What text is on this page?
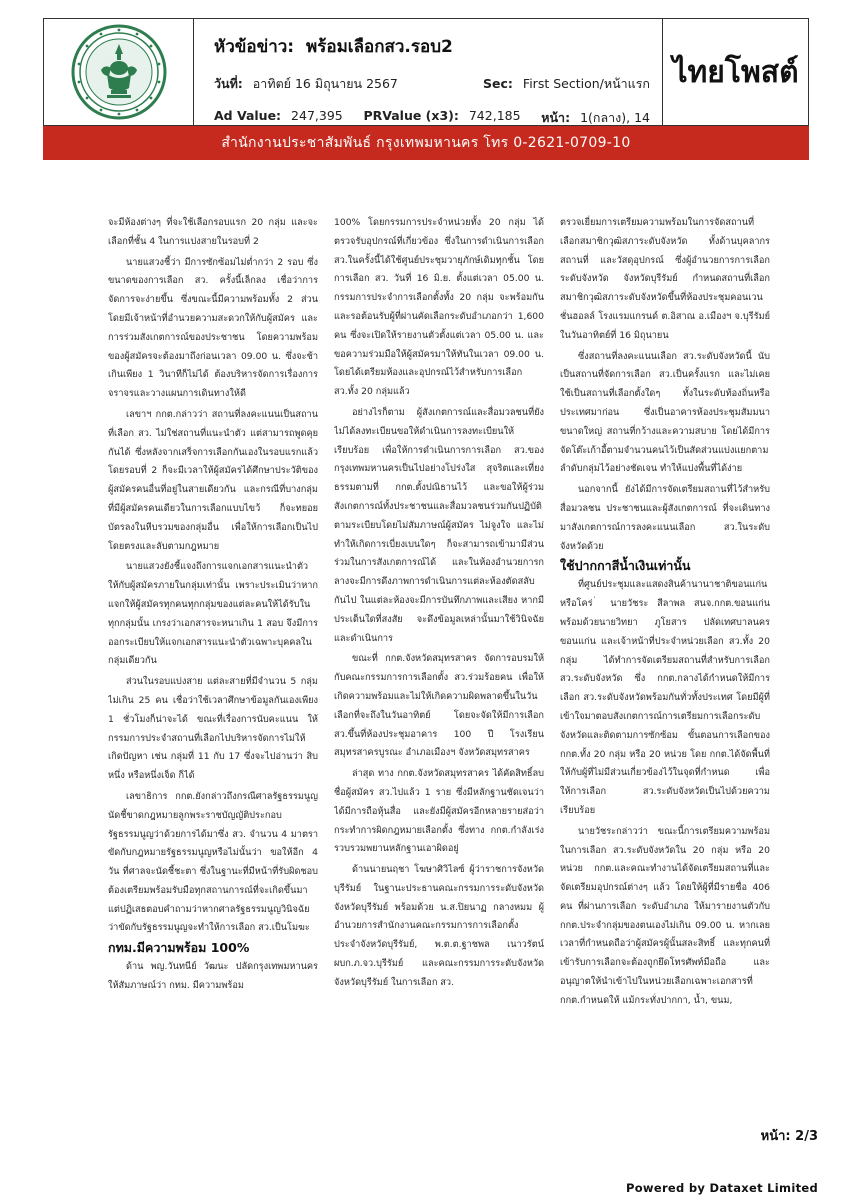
หัวข้อข่าว: พร้อมเลือกสว.รอบ2
วันที่: อาทิตย์ 16 มิถุนายน 2567	Sec: First Section/หน้าแรก
Ad Value: 247,395 PRValue (x3): 742,185 หน้า: 1(กลาง), 14
ไทยโพสต์
สำนักงานประชาสัมพันธ์ กรุงเทพมหานคร โทร 0-2621-0709-10

จะมีห้องต่างๆ ที่จะใช้เลือกรอบแรก 20 กลุ่ม และจะเลือกที่ชั้น 4 ในการแบ่งสายในรอบที่ 2

นายแสวงชี้ว่า มีการซักซ้อมไม่ต่ำกว่า 2 รอบ ซึ่งขนาดของการเลือก สว. ครั้งนี้เล็กลง เชื่อว่าการจัดการจะง่ายขึ้น ซึ่งขณะนี้มีความพร้อมทั้ง 2 ส่วน โดยมีเจ้าหน้าที่อำนวยความสะดวกให้กับผู้สมัคร และการร่วมสังเกตการณ์ของประชาชน โดยความพร้อมของผู้สมัครจะต้องมาถึงก่อนเวลา 09.00 น. ซึ่งจะช้าเกินเพียง 1 วินาทีก็ไม่ได้ ต้องบริหารจัดการเรื่องการจราจรและวางแผนการเดินทางให้ดี

เลขาฯ กกต.กล่าวว่า สถานที่ลงคะแนนเป็นสถานที่เลือก สว. ไม่ใช่สถานที่แนะนำตัว แต่สามารถพูดคุยกันได้ ซึ่งหลังจากเสร็จการเลือกกันเองในรอบแรกแล้ว โดยรอบที่ 2 ก็จะมีเวลาให้ผู้สมัครได้ศึกษาประวัติของผู้สมัครคนอื่นที่อยู่ในสายเดียวกัน และกรณีที่บางกลุ่มที่มีผู้สมัครคนเดียวในการเลือกแบบไขว้ ก็จะทยอยบัตรลงในหีบรวมของกลุ่มอื่น เพื่อให้การเลือกเป็นไปโดยตรงและลับตามกฎหมาย

นายแสวงยังชี้แจงถึงการแจกเอกสารแนะนำตัวให้กับผู้สมัครภายในกลุ่มเท่านั้น เพราะประเมินว่าหากแจกให้ผู้สมัครทุกคนทุกกลุ่มของแต่ละคนให้ได้รับในทุกกลุ่มนั้น เกรงว่าเอกสารจะหนาเกิน 1 สอบ จึงมีการออกระเบียบให้แจกเอกสารแนะนำตัวเฉพาะบุคคลในกลุ่มเดียวกัน

ส่วนในรอบแบ่งสาย แต่ละสายที่มีจำนวน 5 กลุ่ม ไม่เกิน 25 คน เชื่อว่าใช้เวลาศึกษาข้อมูลกันเองเพียง 1 ชั่วโมงก็น่าจะได้ ขณะที่เรื่องการนับคะแนน ให้กรรมการประจำสถานที่เลือกไปบริหารจัดการไม่ให้เกิดปัญหา เช่น กลุ่มที่ 11 กับ 17 ซึ่งจะไปอ่านว่า สิบหนึ่ง หรือหนึ่งเจ็ด ก็ได้

เลขาธิการ กกต.ยังกล่าวถึงกรณีศาลรัฐธรรมนูญนัดชี้ขาดกฎหมายลูกพระราชบัญญัติประกอบรัฐธรรมนูญว่าด้วยการได้มาซึ่ง สว. จำนวน 4 มาตรา ขัดกับกฎหมายรัฐธรรมนูญหรือไม่นั้นว่า ขอให้อีก 4 วัน ที่ศาลจะนัดชี้ชะตา ซึ่งในฐานะที่มีหน้าที่รับผิดชอบ ต้องเตรียมพร้อมรับมือทุกสถานการณ์ที่จะเกิดขึ้นมา แต่ปฏิเสธตอบคำถามว่าหากศาลรัฐธรรมนูญวินิจฉัยว่าขัดกับรัฐธรรมนูญจะทำให้การเลือก สว.เป็นโมฆะ

กทม.มีความพร้อม 100%

ด้าน พญ.วันทนีย์ วัฒนะ ปลัดกรุงเทพมหานคร ให้สัมภาษณ์ว่า กทม. มีความพร้อม

100% โดยกรรมการประจำหน่วยทั้ง 20 กลุ่ม ได้ตรวจรับอุปกรณ์ที่เกี่ยวข้อง ซึ่งในการดำเนินการเลือก สว.ในครั้งนี้ได้ใช้ศูนย์ประชุมวายุภักษ์เดิมทุกชั้น โดยการเลือก สว. วันที่ 16 มิ.ย. ตั้งแต่เวลา 05.00 น. กรรมการประจำการเลือกตั้งทั้ง 20 กลุ่ม จะพร้อมกันและรอต้อนรับผู้ที่ผ่านคัดเลือกระดับอำเภอกว่า 1,600 คน ซึ่งจะเปิดให้รายงานตัวตั้งแต่เวลา 05.00 น. และขอความร่วมมือให้ผู้สมัครมาให้ทันในเวลา 09.00 น. โดยได้เตรียมห้องและอุปกรณ์ไว้สำหรับการเลือก สว.ทั้ง 20 กลุ่มแล้ว

อย่างไรก็ตาม ผู้สังเกตการณ์และสื่อมวลชนที่ยังไม่ได้ลงทะเบียนขอให้ดำเนินการลงทะเบียนให้เรียบร้อย เพื่อให้การดำเนินการการเลือก สว.ของกรุงเทพมหานครเป็นไปอย่างโปร่งใส สุจริตและเที่ยงธรรมตามที่ กกต.ตั้งปณิธานไว้ และขอให้ผู้ร่วมสังเกตการณ์ทั้งประชาชนและสื่อมวลชนร่วมกันปฏิบัติตามระเบียบโดยไม่สัมภาษณ์ผู้สมัคร ไม่จูงใจ และไม่ทำให้เกิดการเบี่ยงเบนใดๆ ก็จะสามารถเข้ามามีส่วนร่วมในการสังเกตการณ์ได้ และในห้องอำนวยการกลางจะมีการดึงภาพการดำเนินการแต่ละห้องตัดสลับกันไป ในแต่ละห้องจะมีการบันทึกภาพและเสียง หากมีประเด็นใดที่สงสัย จะดึงข้อมูลเหล่านั้นมาใช้วินิจฉัยและดำเนินการ

ขณะที่ กกต.จังหวัดสมุทรสาคร จัดการอบรมให้กับคณะกรรมการการเลือกตั้ง สว.ร่วมร้อยคน เพื่อให้เกิดความพร้อมและไม่ให้เกิดความผิดพลาดขึ้นในวันเลือกที่จะถึงในวันอาทิตย์ โดยจะจัดให้มีการเลือก สว.ขึ้นที่ห้องประชุมอาคาร 100 ปี โรงเรียนสมุทรสาครบูรณะ อำเภอเมืองฯ จังหวัดสมุทรสาคร

ล่าสุด ทาง กกต.จังหวัดสมุทรสาคร ได้คัดสิทธิ์ลบชื่อผู้สมัคร สว.ไปแล้ว 1 ราย ซึ่งมีหลักฐานชัดเจนว่าได้มีการถือหุ้นสื่อ และยังมีผู้สมัครอีกหลายรายส่อว่ากระทำการผิดกฎหมายเลือกตั้ง ซึ่งทาง กกต.กำลังเร่งรวบรวมพยานหลักฐานเอาผิดอยู่

ด้านนายนฤชา โฆษาศิวิไลซ์ ผู้ว่าราชการจังหวัดบุรีรัมย์ ในฐานะประธานคณะกรรมการระดับจังหวัด จังหวัดบุรีรัมย์ พร้อมด้วย น.ส.ปิยนาฏ กลางหมม ผู้อำนวยการสำนักงานคณะกรรมการการเลือกตั้งประจำจังหวัดบุรีรัมย์, พ.ต.ต.ฐาชพล เนาวรัตน์ ผบก.ภ.จว.บุรีรัมย์ และคณะกรรมการระดับจังหวัด จังหวัดบุรีรัมย์ ในการเลือก สว.

ตรวจเยี่ยมการเตรียมความพร้อมในการจัดสถานที่เลือกสมาชิกวุฒิสภาระดับจังหวัด ทั้งด้านบุคลากร สถานที่ และวัสดุอุปกรณ์ ซึ่งผู้อำนวยการการเลือกระดับจังหวัด จังหวัดบุรีรัมย์ กำหนดสถานที่เลือกสมาชิกวุฒิสภาระดับจังหวัดขึ้นที่ห้องประชุมคอนเวนชั่นฮอลล์ โรงแรมแกรนด์ ต.อิสาณ อ.เมืองฯ จ.บุรีรัมย์ ในวันอาทิตย์ที่ 16 มิถุนายน

ซึ่งสถานที่ลงคะแนนเลือก สว.ระดับจังหวัดนี้ นับเป็นสถานที่จัดการเลือก สว.เป็นครั้งแรก และไม่เคยใช้เป็นสถานที่เลือกตั้งใดๆ ทั้งในระดับท้องถิ่นหรือประเทศมาก่อน ซึ่งเป็นอาคารห้องประชุมสัมมนาขนาดใหญ่ สถานที่กว้างและความสบาย โดยได้มีการจัดโต๊ะเก้าอี้ตามจำนวนคนไว้เป็นสัดส่วนแบ่งแยกตามลำดับกลุ่มไว้อย่างชัดเจน ทำให้แบ่งพื้นที่ได้ง่าย

นอกจากนี้ ยังได้มีการจัดเตรียมสถานที่ไว้สำหรับสื่อมวลชน ประชาชนและผู้สังเกตการณ์ ที่จะเดินทางมาสังเกตการณ์การลงคะแนนเลือก สว.ในระดับจังหวัดด้วย

ใช้ปากกาสีน้ำเงินเท่านั้น

ที่ศูนย์ประชุมและแสดงสินค้านานาชาติขอนแก่น หรือโคร่ ่ นายวัชระ สีลาพล สนจ.กกต.ขอนแก่น พร้อมด้วยนายวิทยา ภูโยสาร ปลัดเทศบาลนครขอนแก่น และเจ้าหน้าที่ประจำหน่วยเลือก สว.ทั้ง 20 กลุ่ม ได้ทำการจัดเตรียมสถานที่สำหรับการเลือก สว.ระดับจังหวัด ซึ่ง กกต.กลางได้กำหนดให้มีการเลือก สว.ระดับจังหวัดพร้อมกันทั่วทั้งประเทศ โดยมีผู้ที่เข้าใจมาตอบสังเกตการณ์การเตรียมการเลือกระดับจังหวัดและติดตามการซักซ้อม ขั้นตอนการเลือกของ กกต.ทั้ง 20 กลุ่ม หรือ 20 หน่วย โดย กกต.ได้จัดพื้นที่ให้กับผู้ที่ไม่มีส่วนเกี่ยวข้องไว้ในจุดที่กำหนด เพื่อให้การเลือก สว.ระดับจังหวัดเป็นไปด้วยความเรียบร้อย

นายวัชระกล่าวว่า ขณะนี้การเตรียมความพร้อมในการเลือก สว.ระดับจังหวัดใน 20 กลุ่ม หรือ 20 หน่วย กกต.และคณะทำงานได้จัดเตรียมสถานที่และจัดเตรียมอุปกรณ์ต่างๆ แล้ว โดยให้ผู้ที่มีรายชื่อ 406 คน ที่ผ่านการเลือก ระดับอำเภอ ให้มารายงานตัวกับ กกต.ประจำกลุ่มของตนเองไม่เกิน 09.00 น. หากเลยเวลาที่กำหนดถือว่าผู้สมัครผู้นั้นสละสิทธิ์ และทุกคนที่เข้ารับการเลือกจะต้องถูกยึดโทรศัพท์มือถือ และอนุญาตให้นำเข้าไปในหน่วยเลือกเฉพาะเอกสารที่ กกต.กำหนดให้ แม้กระทั่งปากกา, น้ำ, ขนม,

หน้า: 2/3
Powered by Dataxet Limited
